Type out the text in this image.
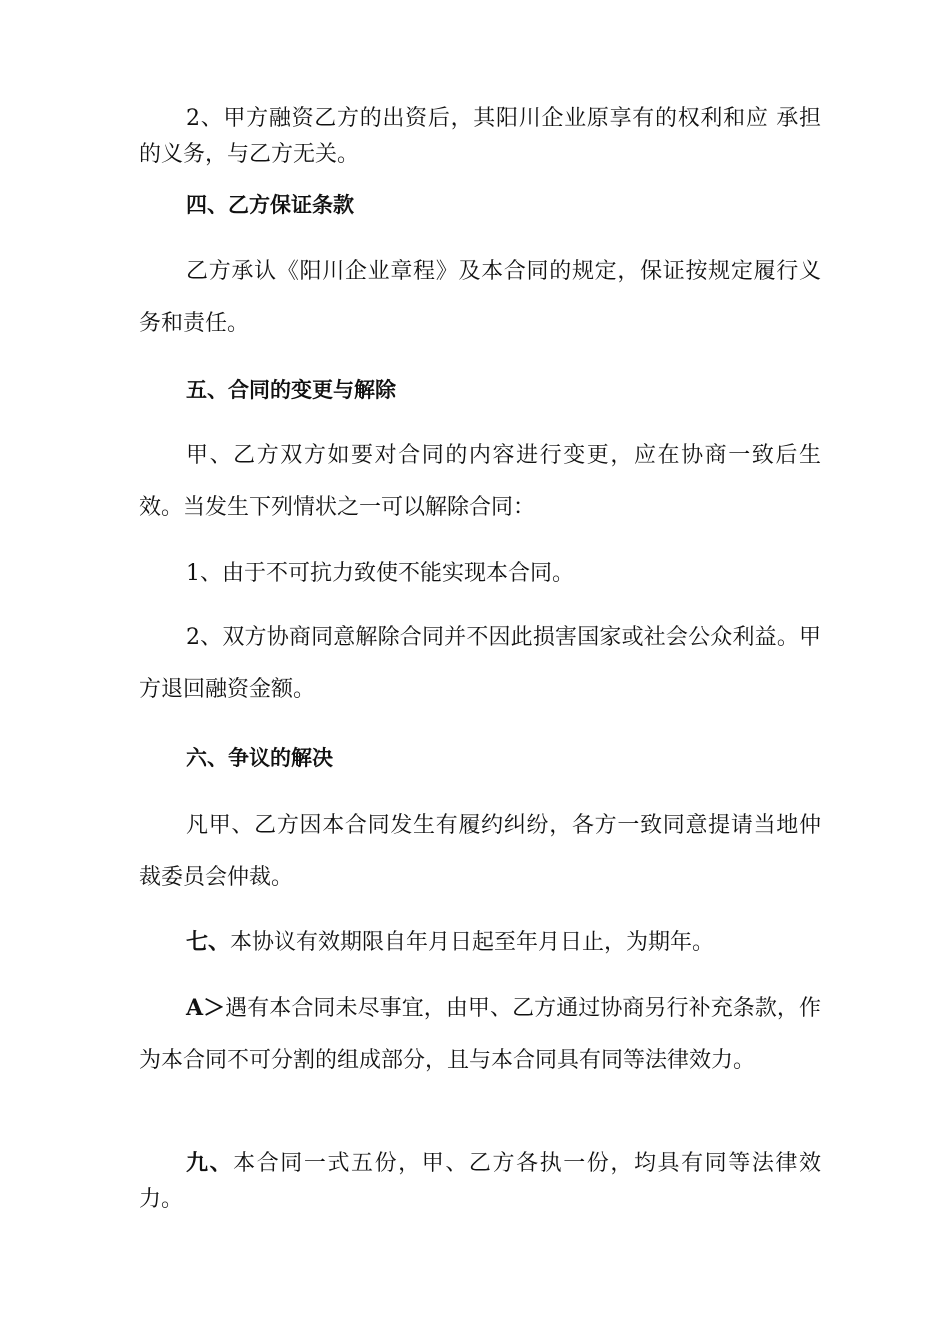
2、甲方融资乙方的出资后，其阳川企业原享有的权利和应 承担的义务，与乙方无关。

四、乙方保证条款

乙方承认《阳川企业章程》及本合同的规定，保证按规定履行义务和责任。

五、合同的变更与解除

甲、乙方双方如要对合同的内容进行变更，应在协商一致后生效。当发生下列情状之一可以解除合同：

1、由于不可抗力致使不能实现本合同。

2、双方协商同意解除合同并不因此损害国家或社会公众利益。甲方退回融资金额。

六、争议的解决

凡甲、乙方因本合同发生有履约纠纷，各方一致同意提请当地仲裁委员会仲裁。

七、本协议有效期限自年月日起至年月日止，为期年。

A＞遇有本合同未尽事宜，由甲、乙方通过协商另行补充条款，作为本合同不可分割的组成部分，且与本合同具有同等法律效力。

九、本合同一式五份，甲、乙方各执一份，均具有同等法律效力。
